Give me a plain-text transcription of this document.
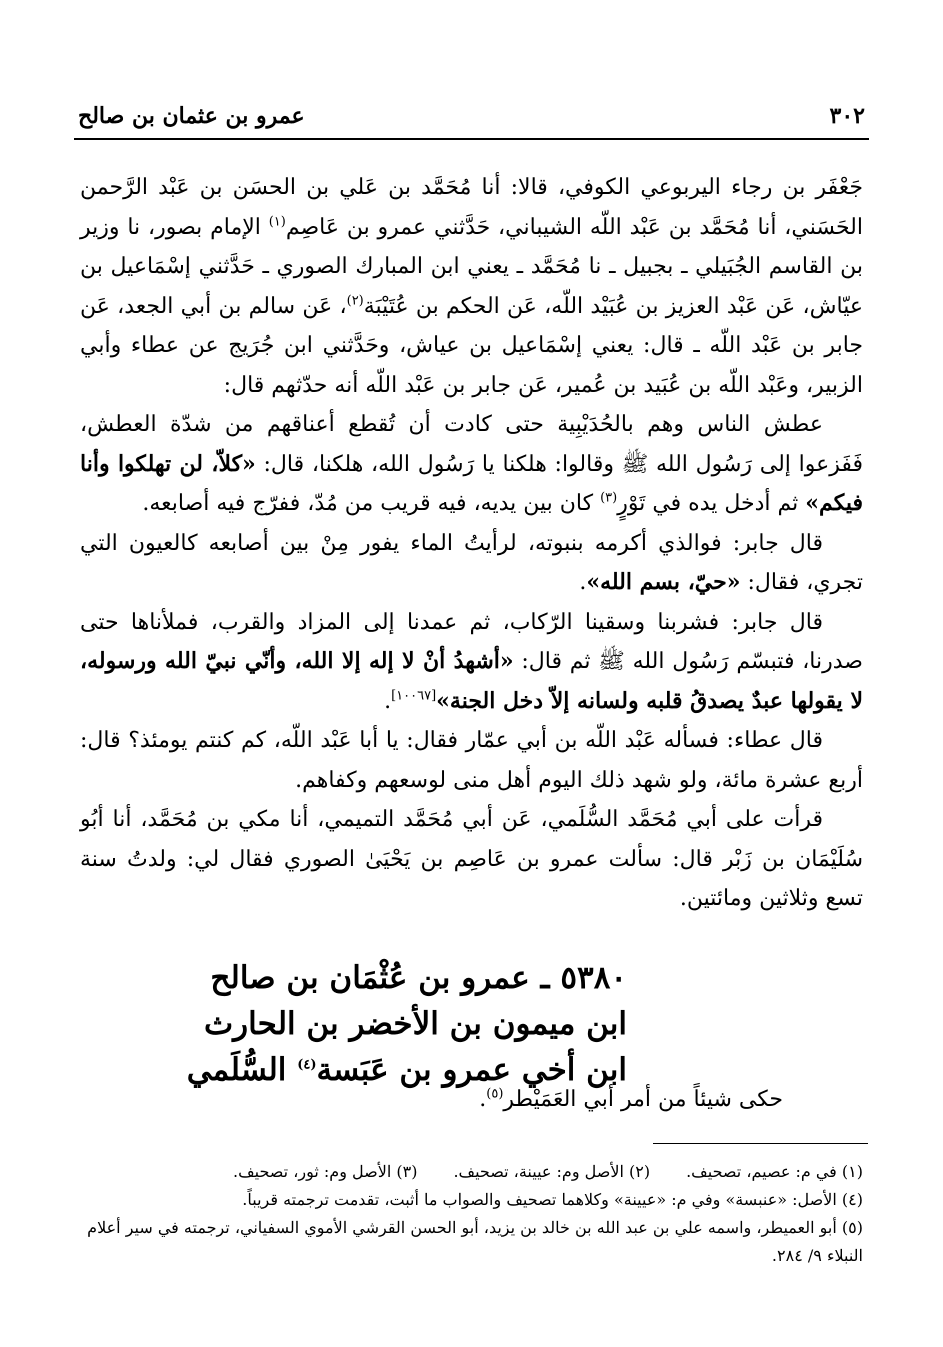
٣٠٢
عمرو بن عثمان بن صالح

جَعْفَر بن رجاء اليربوعي الكوفي، قالا: أنا مُحَمَّد بن عَلي بن الحسَن بن عَبْد الرَّحمن الحَسَني، أنا مُحَمَّد بن عَبْد اللّه الشيباني، حَدَّثني عمرو بن عَاصِم$^{(١)}$ الإمام بصور، نا وزير بن القاسم الجُبَيلي ـ بجبيل ـ نا مُحَمَّد ـ يعني ابن المبارك الصوري ـ حَدَّثني إسْمَاعيل بن عيّاش، عَن عَبْد العزيز بن عُبَيْد اللّه، عَن الحكم بن عُتَيْبَة$^{(٢)}$، عَن سالم بن أبي الجعد، عَن جابر بن عَبْد اللّه ـ قال: يعني إسْمَاعيل بن عياش، وحَدَّثني ابن جُرَيج عن عطاء وأبي الزبير، وعَبْد اللّه بن عُبَيد بن عُمير، عَن جابر بن عَبْد اللّه أنه حدّثهم قال:

عطش الناس وهم بالحُدَيْبِية حتى كادت أن تُقطع أعناقهم من شدّة العطش، فَفَزعوا إلى رَسُول الله ﷺ وقالوا: هلكنا يا رَسُول الله، هلكنا، قال: «كلاّ، لن تهلكوا وأنا فيكم» ثم أدخل يده في تَوْرٍ$^{(٣)}$ كان بين يديه، فيه قريب من مُدّ، ففرّج فيه أصابعه.

قال جابر: فوالذي أكرمه بنبوته، لرأيتُ الماء يفور مِنْ بين أصابعه كالعيون التي تجري، فقال: «حيّ، بسم الله».

قال جابر: فشربنا وسقينا الرّكاب، ثم عمدنا إلى المزاد والقرب، فملأناها حتى صدرنا، فتبسّم رَسُول الله ﷺ ثم قال: «أشهدُ أنْ لا إله إلا الله، وأنّي نبيّ الله ورسوله، لا يقولها عبدٌ يصدقُ قلبه ولسانه إلاّ دخل الجنة»[١٠٠٦٧].

قال عطاء: فسأله عَبْد اللّه بن أبي عمّار فقال: يا أبا عَبْد اللّه، كم كنتم يومئذ؟ قال: أربع عشرة مائة، ولو شهد ذلك اليوم أهل منى لوسعهم وكفاهم.

قرأت على أبي مُحَمَّد السُّلَمي، عَن أبي مُحَمَّد التميمي، أنا مكي بن مُحَمَّد، أنا أبُو سُلَيْمَان بن زَبْر قال: سألت عمرو بن عَاصِم بن يَحْيَىٰ الصوري فقال لي: ولدتُ سنة تسع وثلاثين ومائتين.

٥٣٨٠ ـ عمرو بن عُثْمَان بن صالح
ابن ميمون بن الأخضر بن الحارث
ابن أخي عمرو بن عَبَسة$^{(٤)}$ السُّلَمي
حكى شيئاً من أمر أبي العَمَيْطر$^{(٥)}$.

(١) في م: عصيم، تصحيف.(٢) الأصل وم: عيينة، تصحيف.(٣) الأصل وم: ثور، تصحيف.

(٤) الأصل: «عنبسة» وفي م: «عيينة» وكلاهما تصحيف والصواب ما أثبت، تقدمت ترجمته قريباً.

(٥) أبو العميطر، واسمه علي بن عبد الله بن خالد بن يزيد، أبو الحسن القرشي الأموي السفياني، ترجمته في سير أعلام النبلاء ٩/ ٢٨٤.
